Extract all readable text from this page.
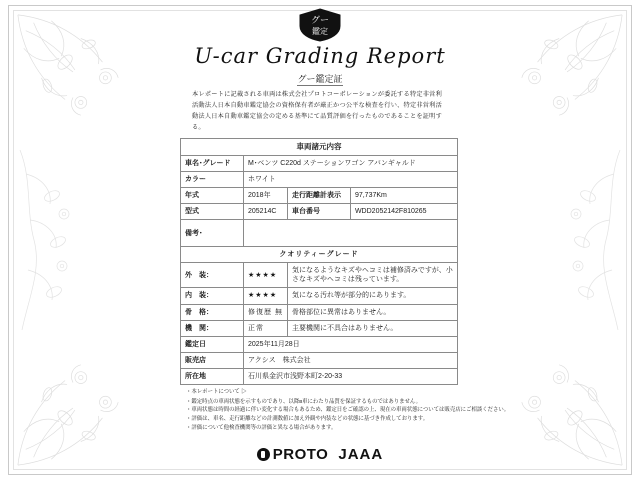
グー
鑑定
U-car Grading Report
グー鑑定証
本レポートに記載される車両は株式会社プロトコーポレーションが委託する特定非営利活動法人日本自動車鑑定協会の資格保有者が厳正かつ公平な検査を行い、特定非営利活動法人日本自動車鑑定協会の定める基準にて品質評価を行ったものであることを証明する。
車両諸元内容			
車名･グレード	M･ベンツ C220d ステーションワゴン アバンギャルド		
カラー	ホワイト		
年式	2018年	走行距離計表示	97,737Km
型式	205214C	車台番号	WDD2052142F810265
備考･			
クオリティーグレード			
外　装：	★★★★	気になるようなキズやヘコミは補修済みですが、小さなキズやヘコミは残っています。	
内　装：	★★★★	気になる汚れ等が部分的にあります。	
骨　格：	修復歴 無	骨格部位に異常はありません。	
機　関：	正常	主要機関に不具合はありません。	
鑑定日	2025年11月28日		
販売店	アクシス　株式会社		
所在地	石川県金沢市浅野本町2-20-33		
・本レポートについて ▷
・鑑定時点の車両状態を示すものであり、以降в車にわたり品質を保証するものではありません。
・車両状態は時間の経過に伴い変化する場合もあるため、鑑定日をご確認の上、現在の車両状態については販売店にご相談ください。
・評価は、車名、走行距離などの計測数値に加え外観や内装などの状態に基づき作成しております。
・評価について他検査機関等の評価と異なる場合があります。
PROTO JAAA
